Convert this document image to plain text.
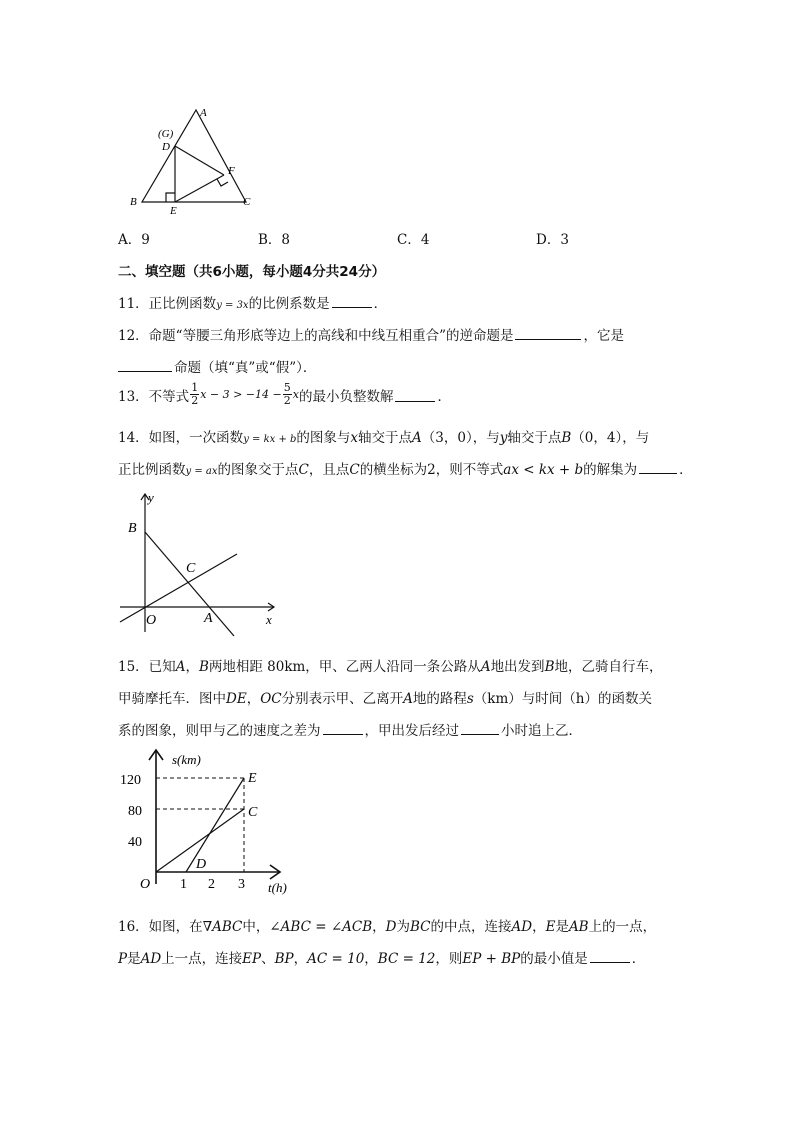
A
(G)
D
F
B
E
C
A．9	B．8	C．4	D．3
二、填空题（共6小题，每小题4分共24分）
11．正比例函数y = 3x的比例系数是	．
12．命题“等腰三角形底等边上的高线和中线互相重合”的逆命题是	，它是
命题（填“真”或“假”）．
13．不等式 $\frac{1}{2}$ $x - 3 > -14 - \frac{5}{2}$ x 的最小负整数解	．
14．如图，一次函数y = kx + b的图象与x轴交于点A（3，0），与y轴交于点B（0，4），与
正比例函数y = ax的图象交于点C，且点C的横坐标为2，则不等式ax < kx + b的解集为	．
y
B
C
O	A	x
15．已知A，B两地相距 80km，甲、乙两人沿同一条公路从A地出发到B地，乙骑自行车，
甲骑摩托车．图中DE，OC分别表示甲、乙离开A地的路程s（km）与时间（h）的函数关
系的图象，则甲与乙的速度之差为	，甲出发后经过	小时追上乙．
s(km)
120
80
40
O 1 2 3
E
C
D
t(h)
16．如图，在∇ABC中，∠ABC = ∠ACB，D为BC的中点，连接AD，E是AB上的一点，
P是AD上一点，连接EP、BP，AC = 10，BC = 12，则EP + BP的最小值是	．
